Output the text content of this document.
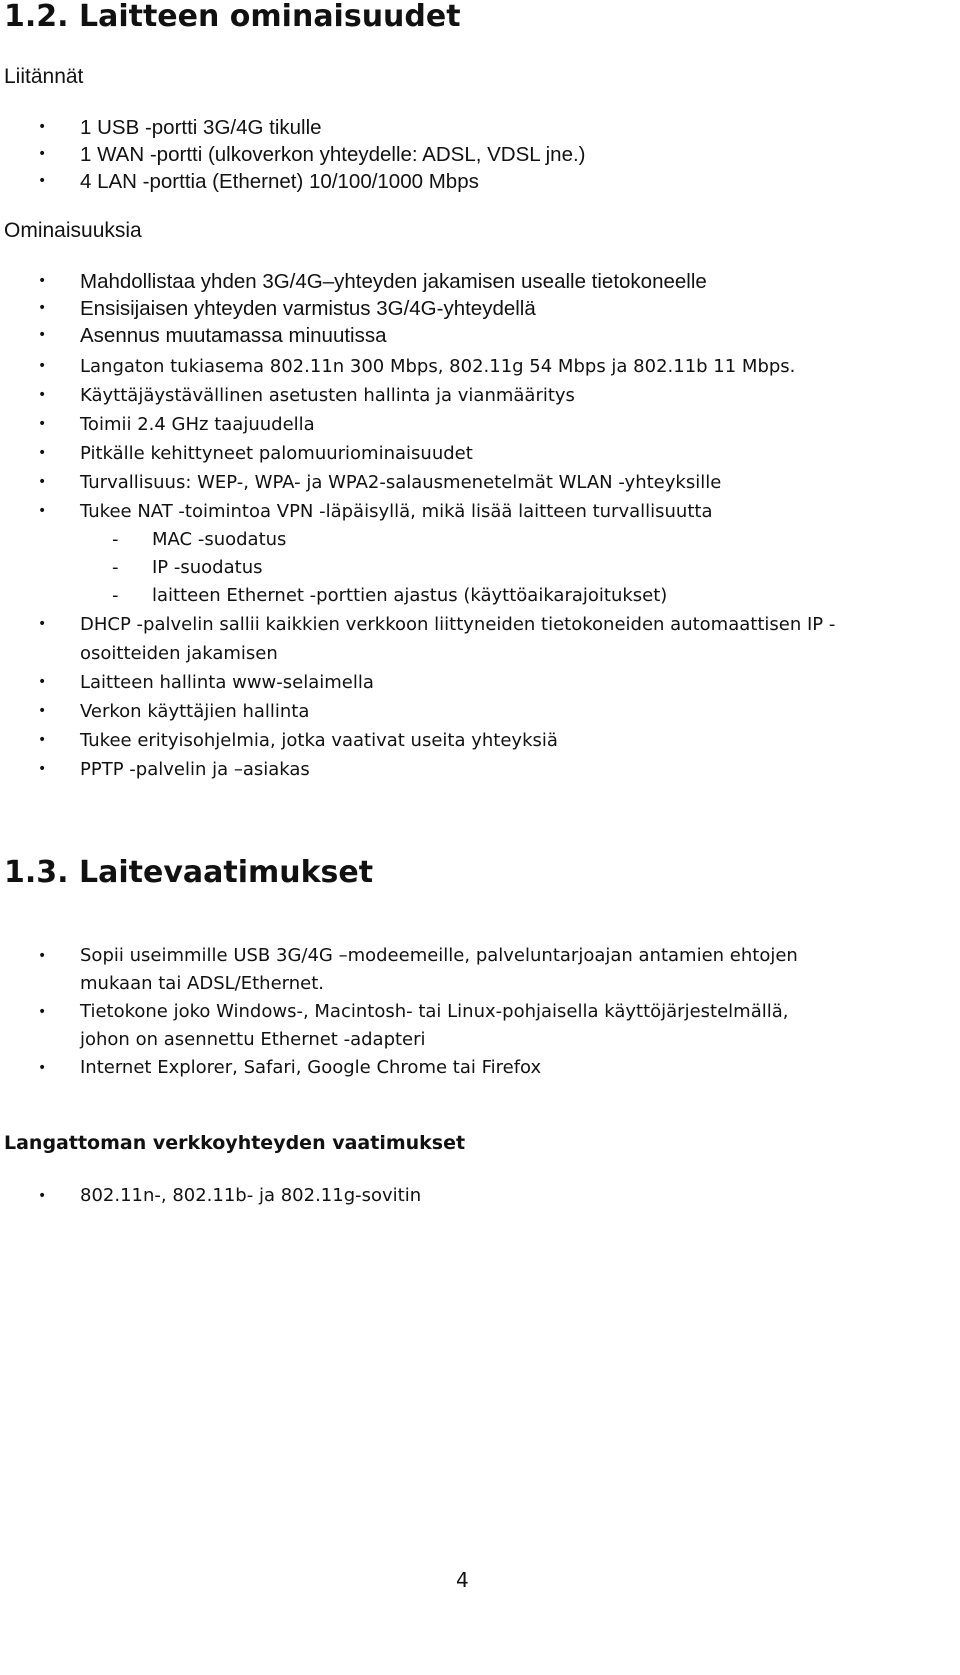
1.2. Laitteen ominaisuudet
Liitännät
• 1 USB -portti 3G/4G tikulle
• 1 WAN -portti (ulkoverkon yhteydelle: ADSL, VDSL jne.)
• 4 LAN -porttia (Ethernet) 10/100/1000 Mbps
Ominaisuuksia
• Mahdollistaa yhden 3G/4G–yhteyden jakamisen usealle tietokoneelle
• Ensisijaisen yhteyden varmistus 3G/4G-yhteydellä
• Asennus muutamassa minuutissa
• Langaton tukiasema 802.11n 300 Mbps, 802.11g 54 Mbps ja 802.11b 11 Mbps.
• Käyttäjäystävällinen asetusten hallinta ja vianmääritys
• Toimii 2.4 GHz taajuudella
• Pitkälle kehittyneet palomuuriominaisuudet
• Turvallisuus: WEP-, WPA- ja WPA2-salausmenetelmät WLAN -yhteyksille
• Tukee NAT -toimintoa VPN -läpäisyllä, mikä lisää laitteen turvallisuutta
- MAC -suodatus
- IP -suodatus
- laitteen Ethernet -porttien ajastus (käyttöaikarajoitukset)
• DHCP -palvelin sallii kaikkien verkkoon liittyneiden tietokoneiden automaattisen IP -osoitteiden jakamisen
• Laitteen hallinta www-selaimella
• Verkon käyttäjien hallinta
• Tukee erityisohjelmia, jotka vaativat useita yhteyksiä
• PPTP -palvelin ja –asiakas
1.3. Laitevaatimukset
• Sopii useimmille USB 3G/4G –modeemeille, palveluntarjoajan antamien ehtojen mukaan tai ADSL/Ethernet.
• Tietokone joko Windows-, Macintosh- tai Linux-pohjaisella käyttöjärjestelmällä, johon on asennettu Ethernet -adapteri
• Internet Explorer, Safari, Google Chrome tai Firefox
Langattoman verkkoyhteyden vaatimukset
• 802.11n-, 802.11b- ja 802.11g-sovitin
4
